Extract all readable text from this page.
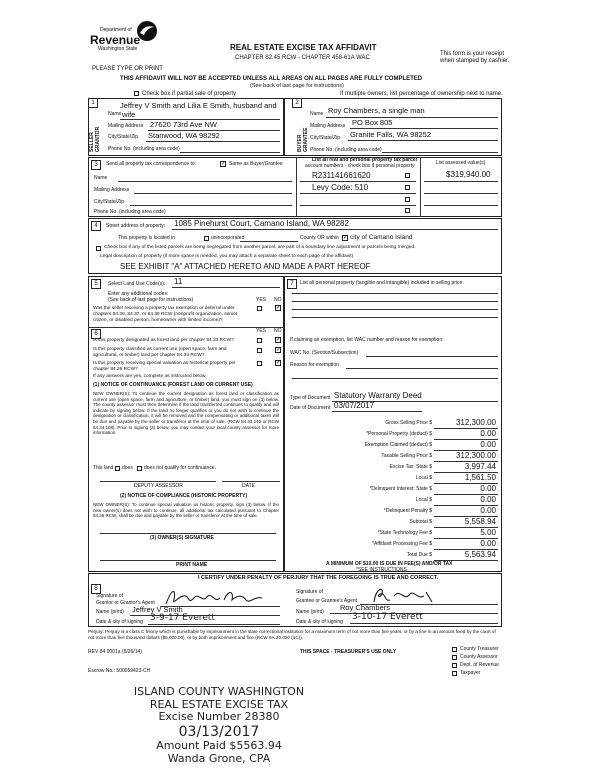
Department of
Revenue
Washington State
PLEASE TYPE OR PRINT
REAL ESTATE EXCISE TAX AFFIDAVIT
CHAPTER 82.45 RCW - CHAPTER 458-61A WAC
This form is your receipt
when stamped by cashier.
THIS AFFIDAVIT WILL NOT BE ACCEPTED UNLESS ALL AREAS ON ALL PAGES ARE FULLY COMPLETED
(See back of last page for instructions)
Check box if partial sale of property	If multiple owners, list percentage of ownership next to name.
1	2
SELLER GRANTOR	BUYER GRANTEE
Name
Jeffrey V Smith and Lilia E Smith, husband and
wife
Mailing Address 27620 73rd Ave NW
City/State/Zip Stanwood, WA 98292
Phone No. (including area code)
Name Roy Chambers, a single man
Mailing Address PO Box 805
City/State/Zip Granite Falls, WA 98252
Phone No. (including area code)
3	Send all property tax correspondence to:	✓ Same as Buyer/Grantee
Name
Mailing Address
City/State/Zip
Phone No. (including area code)
List all real and personal property tax parcel
account numbers - check box if personal property	List assessed value(s)
R231141661620	$319,940.00
Levy Code: 510
4	Street address of property: 1085 Pinehurst Court, Camano Island, WA 98282
This property is located in	unincorporated	County OR within ✓ city of Camano Island
Check box if any of the listed parcels are being segregated from another parcel, are part of a boundary line adjustment or parcels being merged.
Legal description of property (if more space is needed, you may attach a separate sheet to each page of the affidavit)
SEE EXHIBIT "A" ATTACHED HERETO AND MADE A PART HEREOF
5	Select Land Use Code(s): 11
Enter any additional codes:
(See back of last page for instructions)	YES NO
Was the seller receiving a property tax exemption or deferral under chapters 84.36, 84.37, or 84.38 RCW (nonprofit organization, senior citizen, or disabled person, homeowner with limited income)?
✓
6	YES NO
Is this property designated as forest land per chapter 84.33 RCW?	✓
Is this property classified as current use (open space, farm and agricultural, or timber) land per chapter 84.34 RCW?
✓
Is this property receiving special valuation as historical property per chapter 84.26 RCW?
✓
If any answers are yes, complete as instructed below.
(1) NOTICE OF CONTINUANCE (FOREST LAND OR CURRENT USE)
NEW OWNER(S): To continue the current designation as forest land or classification as current use (open space, farm and agriculture, or timber) land, you must sign on (3) below. The county assessor must then determine if the land transferred continues to qualify and will indicate by signing below. If the land no longer qualifies or you do not wish to continue the designation or classification, it will be removed and the compensating or additional taxes will be due and payable by the seller or transferor at the time of sale. (RCW 84.33.140 or RCW 84.34.108). Prior to signing (3) below, you may contact your local county assessor for more information.
This land does does not qualify for continuance.
DEPUTY ASSESSOR	DATE
(2) NOTICE OF COMPLIANCE (HISTORIC PROPERTY)
NEW OWNER(S): To continue special valuation as historic property, sign (3) below. If the new owner(s) does not wish to continue, all additional tax calculated pursuant to Chapter 84.26 RCW, shall be due and payable by the seller or transferor at the time of sale.
(3) OWNER(S) SIGNATURE
PRINT NAME
7	List all personal property (tangible and intangible) included in selling price.
If claiming an exemption, list WAC number and reason for exemption:
WAC No. (Section/Subsection)
Reason for exemption
Type of Document Statutory Warranty Deed
Date of Document 03/07/2017
Gross Selling Price $	312,300.00
*Personal Property (deduct) $	0.00
Exemption Claimed (deduct) $	0.00
Taxable Selling Price $	312,300.00
Excise Tax: State $	3,997.44
Local $	1,561.50
*Delinquent Interest: State $	0.00
Local $	0.00
*Delinquent Penalty $	0.00
Subtotal $	5,558.94
*State Technology Fee $	5.00
*Affidavit Processing Fee $	0.00
Total Due $	5,563.94
A MINIMUM OF $10.00 IS DUE IN FEE(S) AND/OR TAX
*SEE INSTRUCTIONS
8
I CERTIFY UNDER PENALTY OF PERJURY THAT THE FOREGOING IS TRUE AND CORRECT.
Signature of
Grantor or Grantor's Agent
Signature of
Grantee or Grantee's Agent
Name (print) Jeffrey V Smith	Name (print) Roy Chambers
Date & city of signing 3-9-17 Everett	Date & city of signing 3-10-17 Everett
Perjury: Perjury is a class C felony which is punishable by imprisonment in the state correctional institution for a maximum term of not more than five years, or by a fine in an amount fixed by the court of not more than five thousand dollars ($5,000.00), or by both imprisonment and fine (RCW 9A.20.020 (1C)).
REV 84 0001a (6/26/14)	THIS SPACE - TREASURER'S USE ONLY
Escrow No.: 500059423-CH
County Treasurer
County Assessor
Dept. of Revenue
Taxpayer
ISLAND COUNTY WASHINGTON
REAL ESTATE EXCISE TAX
Excise Number 28380
03/13/2017
Amount Paid $5563.94
Wanda Grone, CPA
